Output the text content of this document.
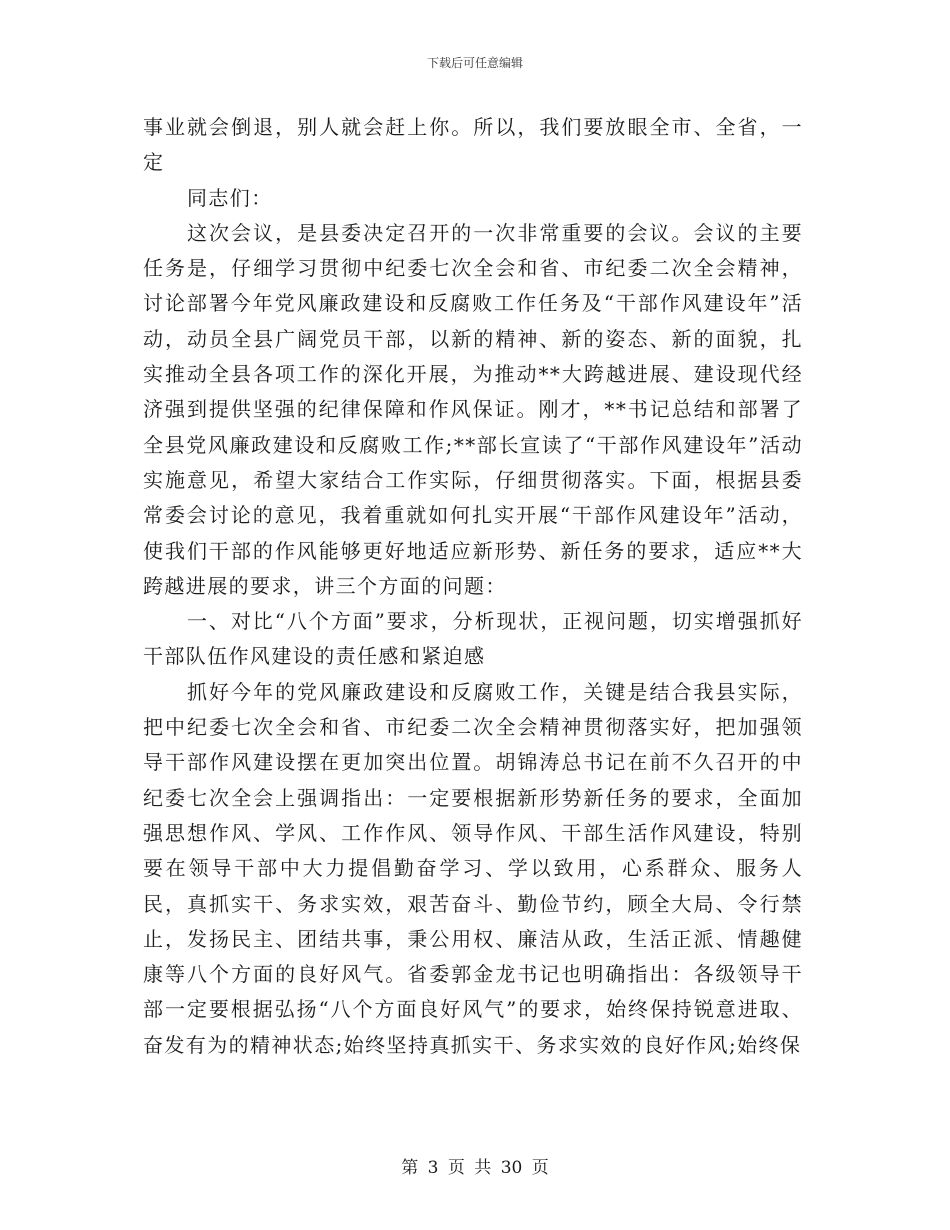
下载后可任意编辑

事业就会倒退，别人就会赶上你。所以，我们要放眼全市、全省，一定

同志们：

这次会议，是县委决定召开的一次非常重要的会议。会议的主要任务是，仔细学习贯彻中纪委七次全会和省、市纪委二次全会精神，讨论部署今年党风廉政建设和反腐败工作任务及“干部作风建设年”活动，动员全县广阔党员干部，以新的精神、新的姿态、新的面貌，扎实推动全县各项工作的深化开展，为推动**大跨越进展、建设现代经济强到提供坚强的纪律保障和作风保证。刚才，**书记总结和部署了全县党风廉政建设和反腐败工作;**部长宣读了“干部作风建设年”活动实施意见，希望大家结合工作实际，仔细贯彻落实。下面，根据县委常委会讨论的意见，我着重就如何扎实开展“干部作风建设年”活动，使我们干部的作风能够更好地适应新形势、新任务的要求，适应**大跨越进展的要求，讲三个方面的问题：

一、对比“八个方面”要求，分析现状，正视问题，切实增强抓好干部队伍作风建设的责任感和紧迫感

抓好今年的党风廉政建设和反腐败工作，关键是结合我县实际，把中纪委七次全会和省、市纪委二次全会精神贯彻落实好，把加强领导干部作风建设摆在更加突出位置。胡锦涛总书记在前不久召开的中纪委七次全会上强调指出：一定要根据新形势新任务的要求，全面加强思想作风、学风、工作作风、领导作风、干部生活作风建设，特别要在领导干部中大力提倡勤奋学习、学以致用，心系群众、服务人民，真抓实干、务求实效，艰苦奋斗、勤俭节约，顾全大局、令行禁止，发扬民主、团结共事，秉公用权、廉洁从政，生活正派、情趣健康等八个方面的良好风气。省委郭金龙书记也明确指出：各级领导干部一定要根据弘扬“八个方面良好风气”的要求，始终保持锐意进取、奋发有为的精神状态;始终坚持真抓实干、务求实效的良好作风;始终保

第 3 页 共 30 页
